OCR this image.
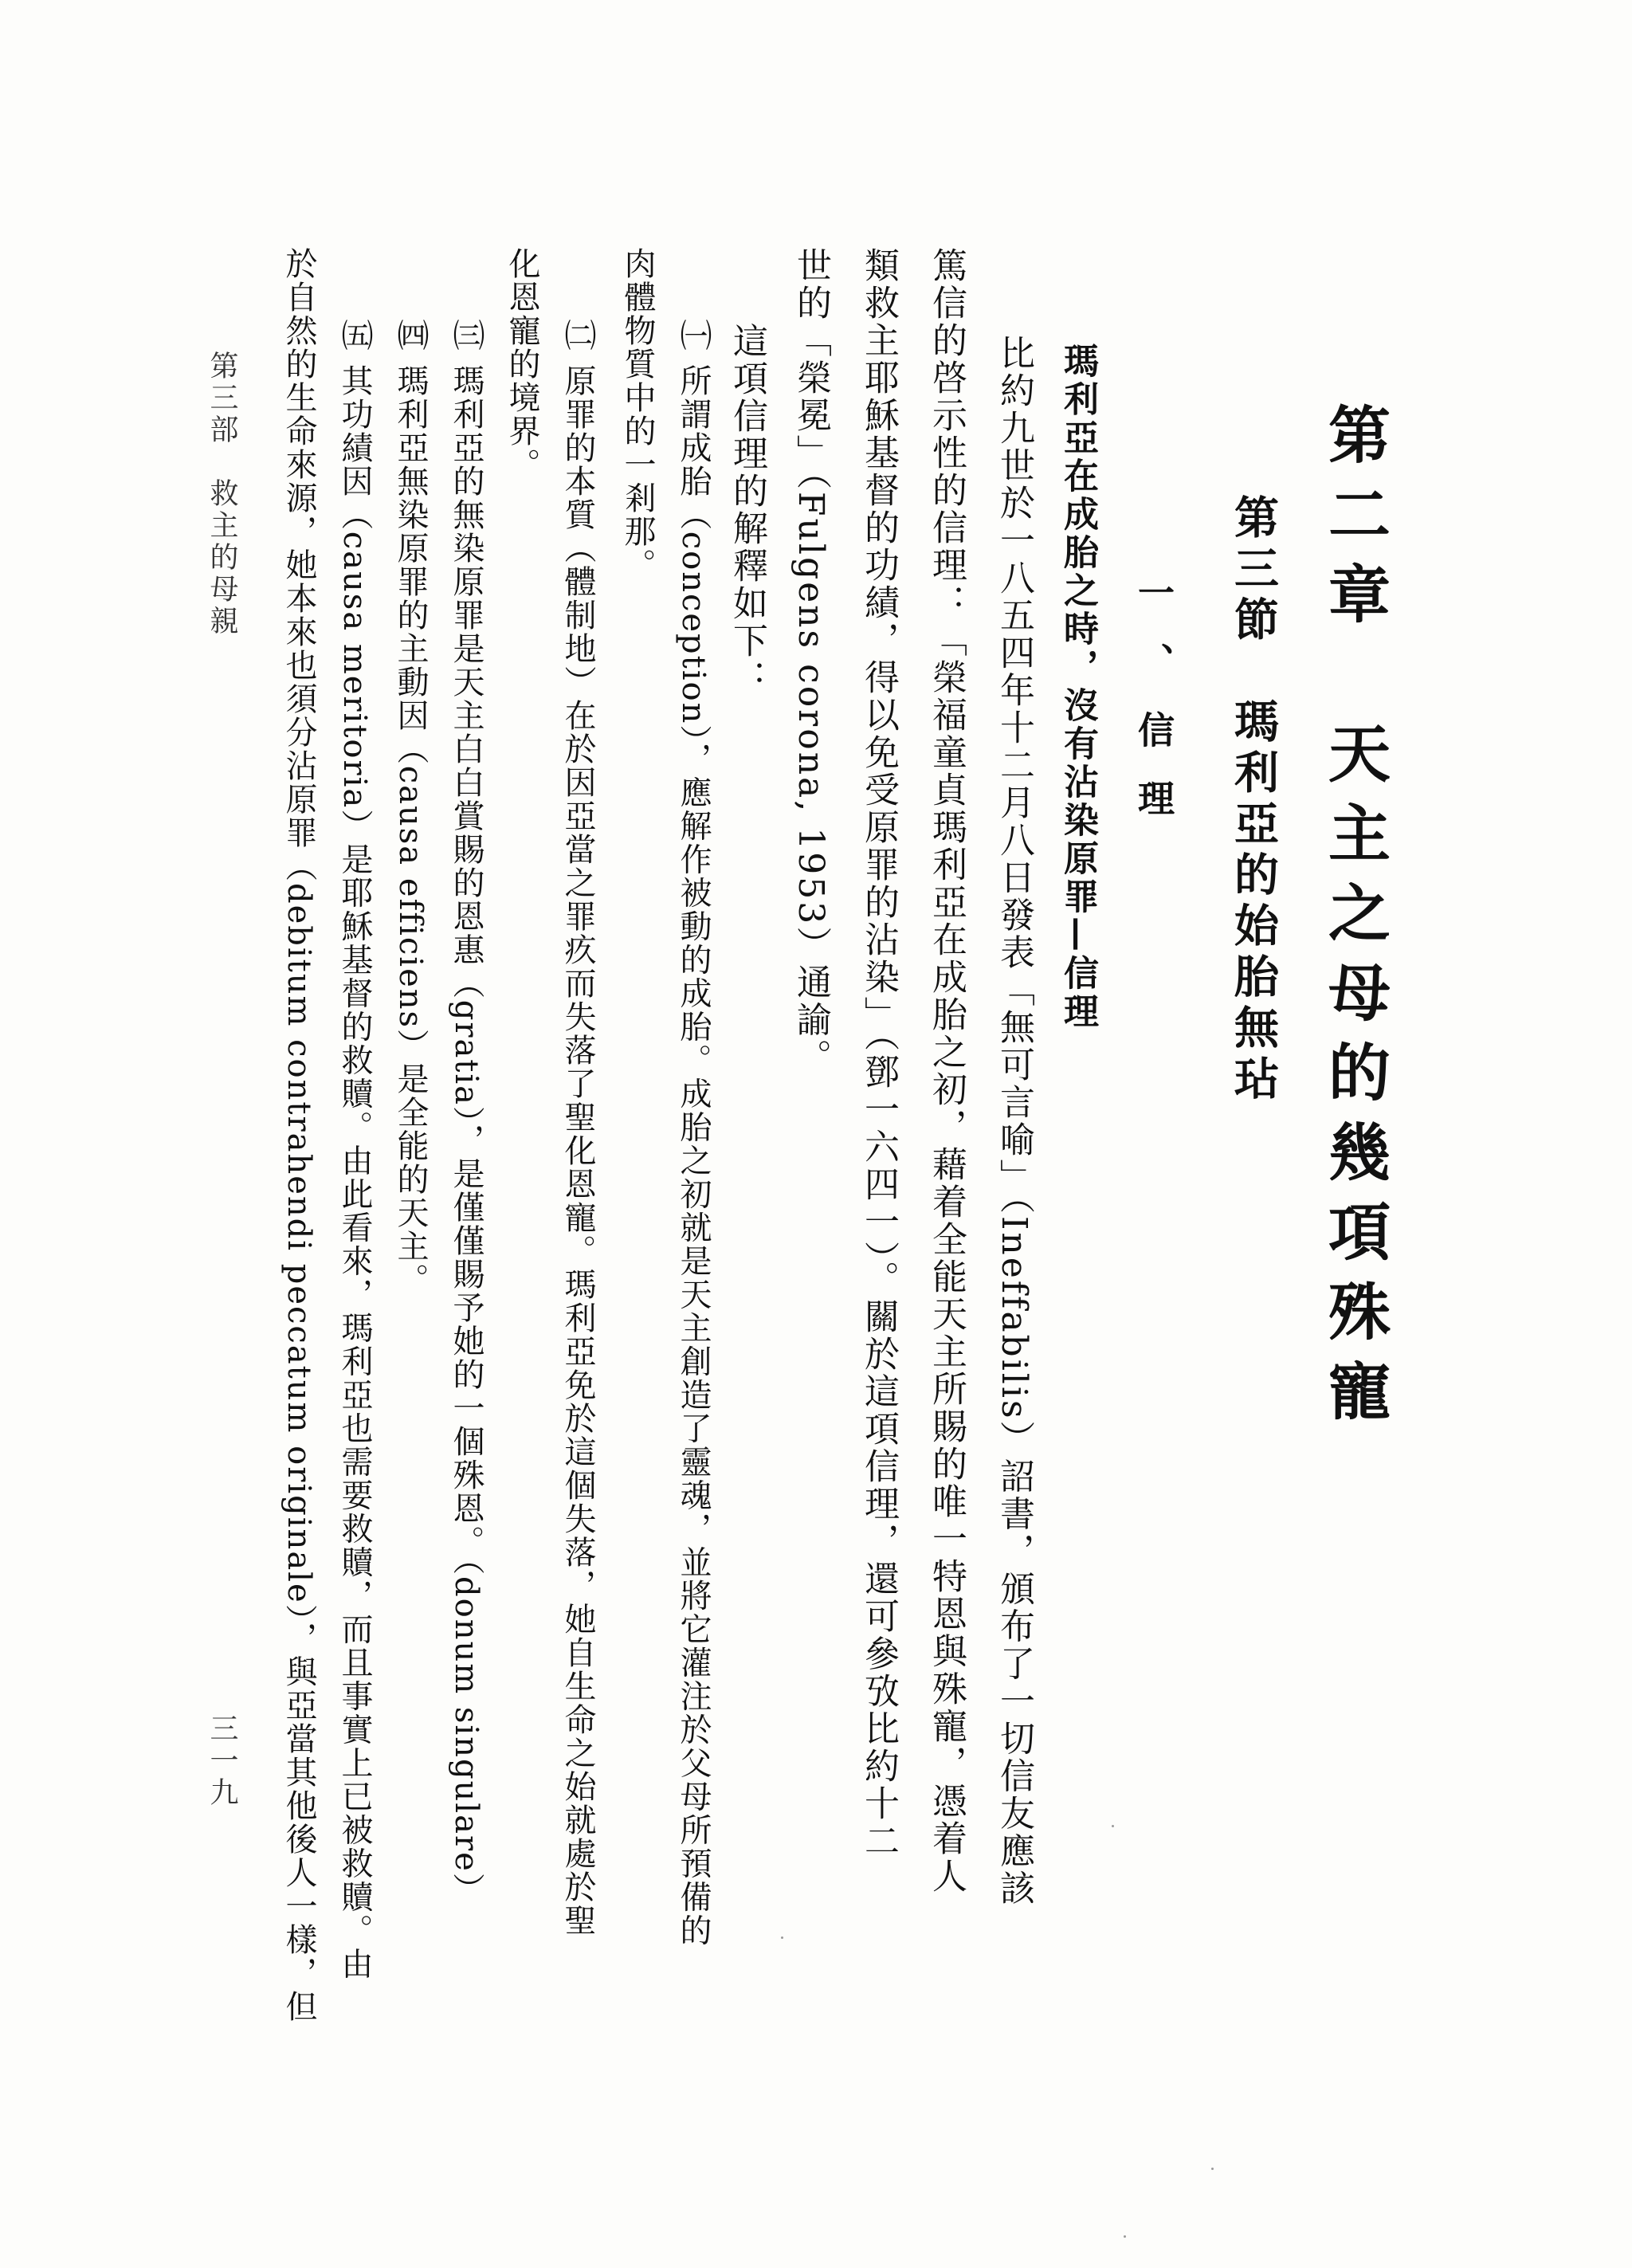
第二章　天主之母的幾項殊寵
第三節　瑪利亞的始胎無玷
一、信理
瑪利亞在成胎之時，沒有沾染原罪—信理
比約九世於一八五四年十二月八日發表「無可言喻」（Ineffabilis）詔書，頒布了一切信友應該
篤信的啓示性的信理：「榮福童貞瑪利亞在成胎之初，藉着全能天主所賜的唯一特恩與殊寵，憑着人
類救主耶穌基督的功績，得以免受原罪的沾染」（鄧一六四一）。關於這項信理，還可參攷比約十二
世的「榮冕」（Fulgens corona, 1953）通諭。
這項信理的解釋如下：
㈠ 所謂成胎（conception），應解作被動的成胎。成胎之初就是天主創造了靈魂，並將它灌注於父母所預備的
肉體物質中的一剎那。
㈡ 原罪的本質（體制地）在於因亞當之罪疚而失落了聖化恩寵。瑪利亞免於這個失落，她自生命之始就處於聖
化恩寵的境界。
㈢ 瑪利亞的無染原罪是天主白白賞賜的恩惠（gratia），是僅僅賜予她的一個殊恩。（donum singulare）
㈣ 瑪利亞無染原罪的主動因（causa efficiens）是全能的天主。
㈤ 其功績因（causa meritoria）是耶穌基督的救贖。由此看來，瑪利亞也需要救贖，而且事實上已被救贖。由
於自然的生命來源，她本來也須分沾原罪（debitum contrahendi peccatum originale），與亞當其他後人一樣，但
第三部　救主的母親
三一九
